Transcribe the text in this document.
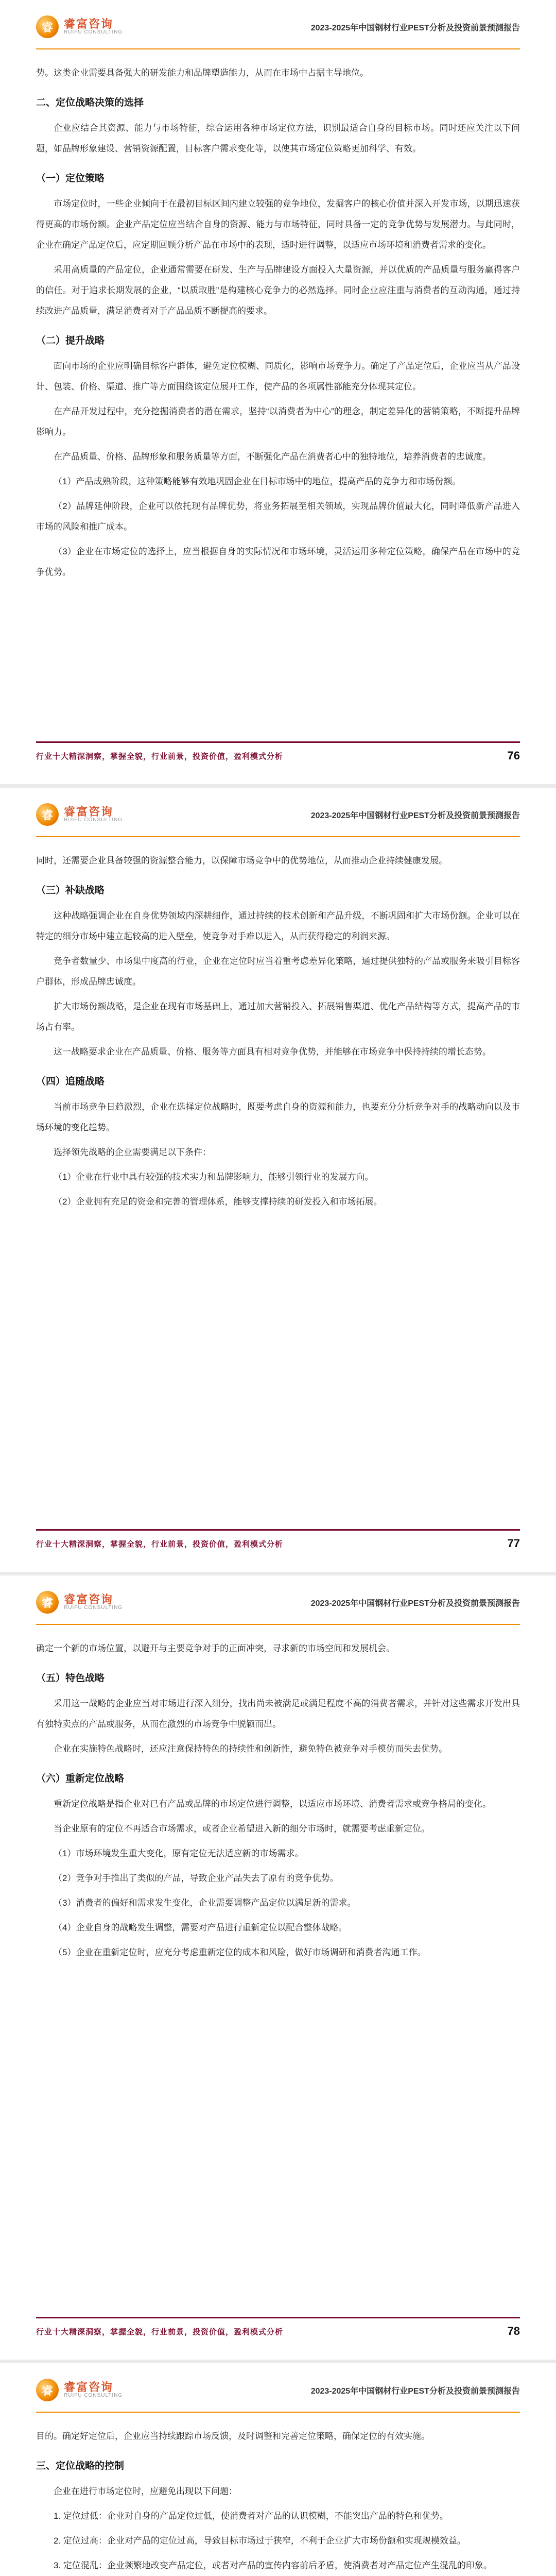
睿 睿富咨询
RUIFU CONSULTING
2023-2025年中国钢材行业PEST分析及投资前景预测报告

势。这类企业需要具备强大的研发能力和品牌塑造能力，从而在市场中占据主导地位。

二、定位战略决策的选择

企业应结合其资源、能力与市场特征，综合运用各种市场定位方法，识别最适合自身的目标市场。同时还应关注以下问题，如品牌形象建设、营销资源配置，目标客户需求变化等，以使其市场定位策略更加科学、有效。

（一）定位策略

市场定位时，一些企业倾向于在最初目标区间内建立较强的竞争地位，发掘客户的核心价值并深入开发市场，以期迅速获得更高的市场份额。企业产品定位应当结合自身的资源、能力与市场特征，同时具备一定的竞争优势与发展潜力。与此同时，企业在确定产品定位后，应定期回顾分析产品在市场中的表现，适时进行调整，以适应市场环境和消费者需求的变化。

采用高质量的产品定位，企业通常需要在研发、生产与品牌建设方面投入大量资源，并以优质的产品质量与服务赢得客户的信任。对于追求长期发展的企业，“以质取胜”是构建核心竞争力的必然选择。同时企业应注重与消费者的互动沟通，通过持续改进产品质量，满足消费者对于产品品质不断提高的要求。

（二）提升战略

面向市场的企业应明确目标客户群体，避免定位模糊、同质化，影响市场竞争力。确定了产品定位后，企业应当从产品设计、包装、价格、渠道、推广等方面围绕该定位展开工作，使产品的各项属性都能充分体现其定位。

在产品开发过程中，充分挖掘消费者的潜在需求，坚持“以消费者为中心”的理念，制定差异化的营销策略，不断提升品牌影响力。

在产品质量、价格、品牌形象和服务质量等方面，不断强化产品在消费者心中的独特地位，培养消费者的忠诚度。

（1）产品成熟阶段，这种策略能够有效地巩固企业在目标市场中的地位，提高产品的竞争力和市场份额。

（2）品牌延伸阶段，企业可以依托现有品牌优势，将业务拓展至相关领域，实现品牌价值最大化，同时降低新产品进入市场的风险和推广成本。

（3）企业在市场定位的选择上，应当根据自身的实际情况和市场环境，灵活运用多种定位策略，确保产品在市场中的竞争优势。

行业十大精深洞察，掌握全貌，行业前景，投资价值，盈利模式分析	76
睿 睿富咨询
RUIFU CONSULTING
2023-2025年中国钢材行业PEST分析及投资前景预测报告

同时，还需要企业具备较强的资源整合能力，以保障市场竞争中的优势地位，从而推动企业持续健康发展。

（三）补缺战略

这种战略强调企业在自身优势领域内深耕细作，通过持续的技术创新和产品升级，不断巩固和扩大市场份额。企业可以在特定的细分市场中建立起较高的进入壁垒，使竞争对手难以进入，从而获得稳定的利润来源。

竞争者数量少、市场集中度高的行业，企业在定位时应当着重考虑差异化策略，通过提供独特的产品或服务来吸引目标客户群体，形成品牌忠诚度。

扩大市场份额战略，是企业在现有市场基础上，通过加大营销投入、拓展销售渠道、优化产品结构等方式，提高产品的市场占有率。

这一战略要求企业在产品质量、价格、服务等方面具有相对竞争优势，并能够在市场竞争中保持持续的增长态势。

（四）追随战略

当前市场竞争日趋激烈，企业在选择定位战略时，既要考虑自身的资源和能力，也要充分分析竞争对手的战略动向以及市场环境的变化趋势。

选择领先战略的企业需要满足以下条件：

（1）企业在行业中具有较强的技术实力和品牌影响力，能够引领行业的发展方向。

（2）企业拥有充足的资金和完善的管理体系，能够支撑持续的研发投入和市场拓展。

行业十大精深洞察，掌握全貌，行业前景，投资价值，盈利模式分析	77
睿 睿富咨询
RUIFU CONSULTING
2023-2025年中国钢材行业PEST分析及投资前景预测报告

确定一个新的市场位置，以避开与主要竞争对手的正面冲突，寻求新的市场空间和发展机会。

（五）特色战略

采用这一战略的企业应当对市场进行深入细分，找出尚未被满足或满足程度不高的消费者需求，并针对这些需求开发出具有独特卖点的产品或服务，从而在激烈的市场竞争中脱颖而出。

企业在实施特色战略时，还应注意保持特色的持续性和创新性，避免特色被竞争对手模仿而失去优势。

（六）重新定位战略

重新定位战略是指企业对已有产品或品牌的市场定位进行调整，以适应市场环境、消费者需求或竞争格局的变化。

当企业原有的定位不再适合市场需求，或者企业希望进入新的细分市场时，就需要考虑重新定位。

（1）市场环境发生重大变化，原有定位无法适应新的市场需求。

（2）竞争对手推出了类似的产品，导致企业产品失去了原有的竞争优势。

（3）消费者的偏好和需求发生变化，企业需要调整产品定位以满足新的需求。

（4）企业自身的战略发生调整，需要对产品进行重新定位以配合整体战略。

（5）企业在重新定位时，应充分考虑重新定位的成本和风险，做好市场调研和消费者沟通工作。

行业十大精深洞察，掌握全貌，行业前景，投资价值，盈利模式分析	78
睿 睿富咨询
RUIFU CONSULTING
2023-2025年中国钢材行业PEST分析及投资前景预测报告

目的。确定好定位后，企业应当持续跟踪市场反馈，及时调整和完善定位策略，确保定位的有效实施。

三、定位战略的控制

企业在进行市场定位时，应避免出现以下问题：

1. 定位过低：企业对自身的产品定位过低，使消费者对产品的认识模糊，不能突出产品的特色和优势。

2. 定位过高：企业对产品的定位过高，导致目标市场过于狭窄，不利于企业扩大市场份额和实现规模效益。

3. 定位混乱：企业频繁地改变产品定位，或者对产品的宣传内容前后矛盾，使消费者对产品定位产生混乱的印象。
